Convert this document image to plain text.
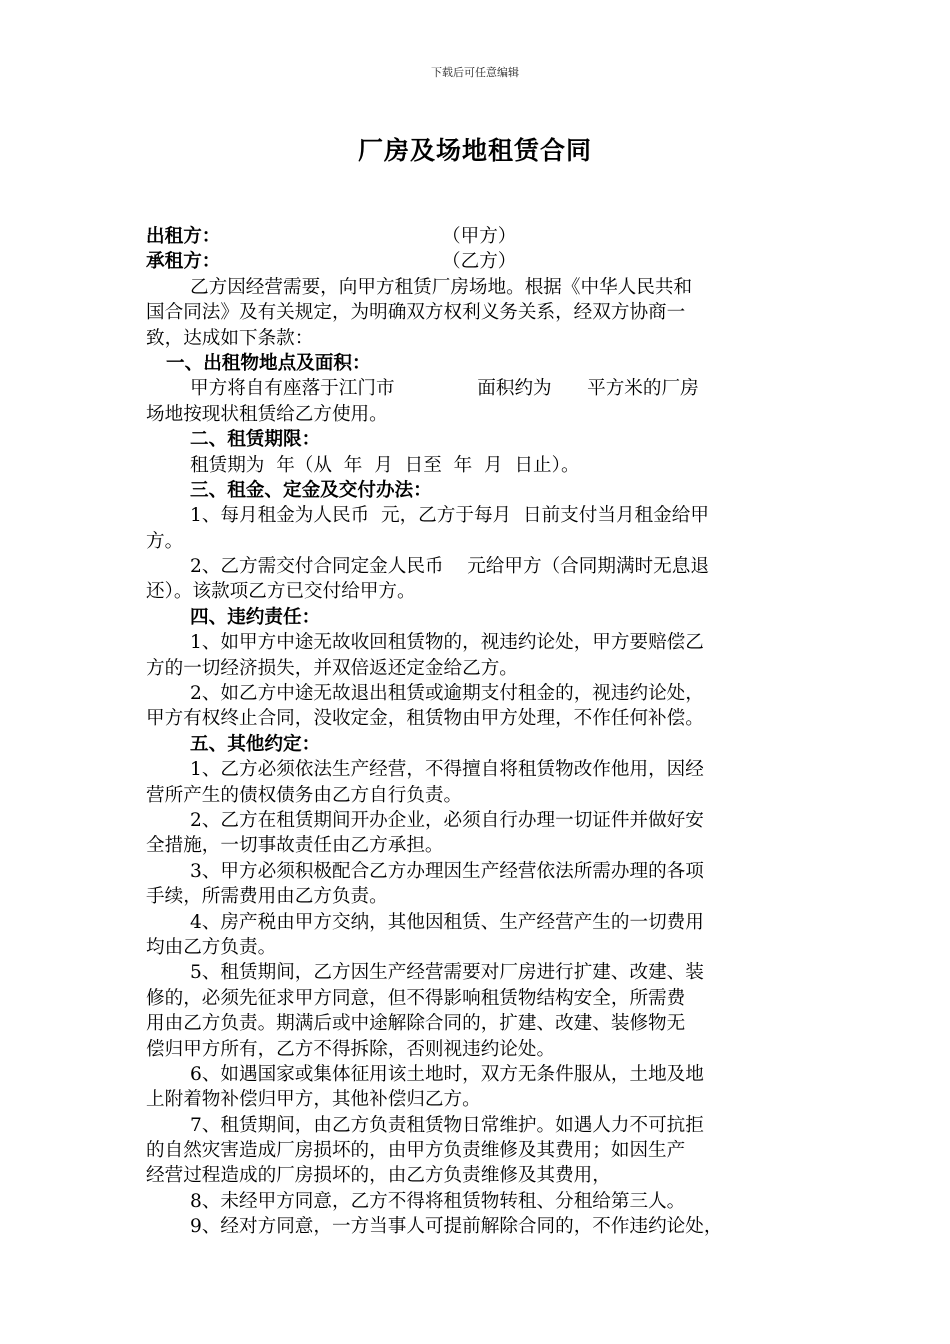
下载后可任意编辑
厂房及场地租赁合同
出租方：	（甲方）
承租方：	（乙方）
乙方因经营需要，向甲方租赁厂房场地。根据《中华人民共和
国合同法》及有关规定，为明确双方权利义务关系，经双方协商一
致，达成如下条款：
一、出租物地点及面积：
甲方将自有座落于江门市              面积约为      平方米的厂房
场地按现状租赁给乙方使用。
二、租赁期限：
租赁期为  年（从  年  月  日至  年  月  日止）。
三、租金、定金及交付办法：
1、每月租金为人民币  元，乙方于每月  日前支付当月租金给甲
方。
2、乙方需交付合同定金人民币    元给甲方（合同期满时无息退
还）。该款项乙方已交付给甲方。
四、违约责任：
1、如甲方中途无故收回租赁物的，视违约论处，甲方要赔偿乙
方的一切经济损失，并双倍返还定金给乙方。
2、如乙方中途无故退出租赁或逾期支付租金的，视违约论处，
甲方有权终止合同，没收定金，租赁物由甲方处理，不作任何补偿。
五、其他约定：
1、乙方必须依法生产经营，不得擅自将租赁物改作他用，因经
营所产生的债权债务由乙方自行负责。
2、乙方在租赁期间开办企业，必须自行办理一切证件并做好安
全措施，一切事故责任由乙方承担。
3、甲方必须积极配合乙方办理因生产经营依法所需办理的各项
手续，所需费用由乙方负责。
4、房产税由甲方交纳，其他因租赁、生产经营产生的一切费用
均由乙方负责。
5、租赁期间，乙方因生产经营需要对厂房进行扩建、改建、装
修的，必须先征求甲方同意，但不得影响租赁物结构安全，所需费
用由乙方负责。期满后或中途解除合同的，扩建、改建、装修物无
偿归甲方所有，乙方不得拆除，否则视违约论处。
6、如遇国家或集体征用该土地时，双方无条件服从，土地及地
上附着物补偿归甲方，其他补偿归乙方。
7、租赁期间，由乙方负责租赁物日常维护。如遇人力不可抗拒
的自然灾害造成厂房损坏的，由甲方负责维修及其费用；如因生产
经营过程造成的厂房损坏的，由乙方负责维修及其费用，
8、未经甲方同意，乙方不得将租赁物转租、分租给第三人。
9、经对方同意，一方当事人可提前解除合同的，不作违约论处，
